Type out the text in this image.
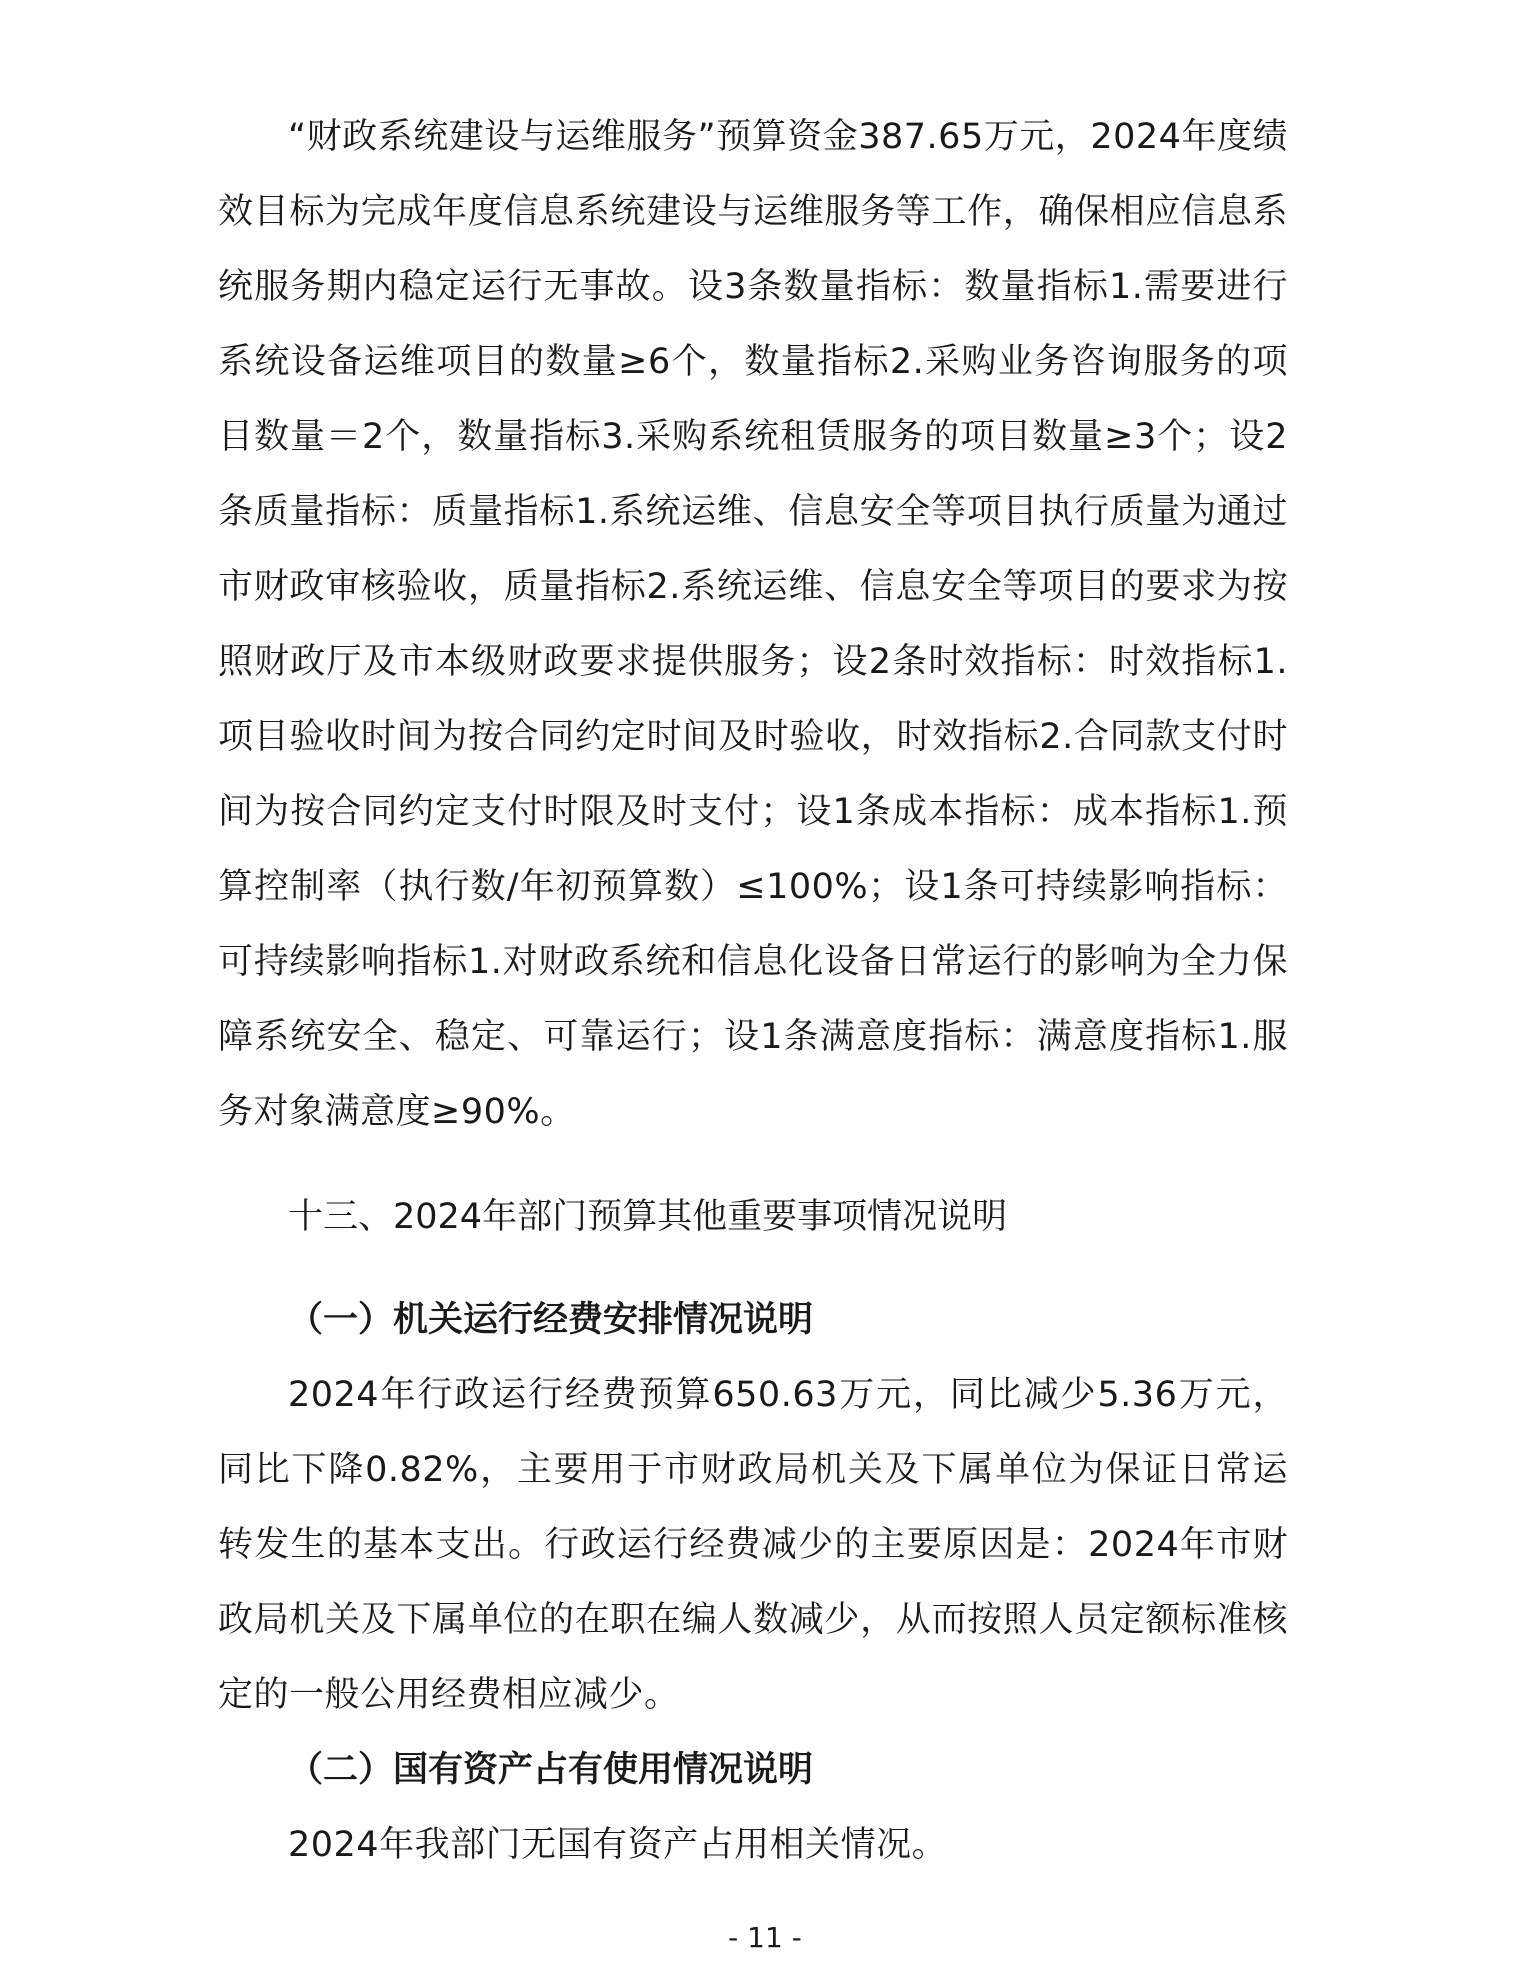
“财政系统建设与运维服务”预算资金387.65万元，2024年度绩效目标为完成年度信息系统建设与运维服务等工作，确保相应信息系统服务期内稳定运行无事故。设3条数量指标：数量指标1.需要进行系统设备运维项目的数量≥6个，数量指标2.采购业务咨询服务的项目数量＝2个，数量指标3.采购系统租赁服务的项目数量≥3个；设2条质量指标：质量指标1.系统运维、信息安全等项目执行质量为通过市财政审核验收，质量指标2.系统运维、信息安全等项目的要求为按照财政厅及市本级财政要求提供服务；设2条时效指标：时效指标1.项目验收时间为按合同约定时间及时验收，时效指标2.合同款支付时间为按合同约定支付时限及时支付；设1条成本指标：成本指标1.预算控制率（执行数/年初预算数）≤100%；设1条可持续影响指标：可持续影响指标1.对财政系统和信息化设备日常运行的影响为全力保障系统安全、稳定、可靠运行；设1条满意度指标：满意度指标1.服务对象满意度≥90%。

十三、2024年部门预算其他重要事项情况说明
（一）机关运行经费安排情况说明

2024年行政运行经费预算650.63万元，同比减少5.36万元，同比下降0.82%，主要用于市财政局机关及下属单位为保证日常运转发生的基本支出。行政运行经费减少的主要原因是：2024年市财政局机关及下属单位的在职在编人数减少，从而按照人员定额标准核定的一般公用经费相应减少。

（二）国有资产占有使用情况说明

2024年我部门无国有资产占用相关情况。

- 11 -
